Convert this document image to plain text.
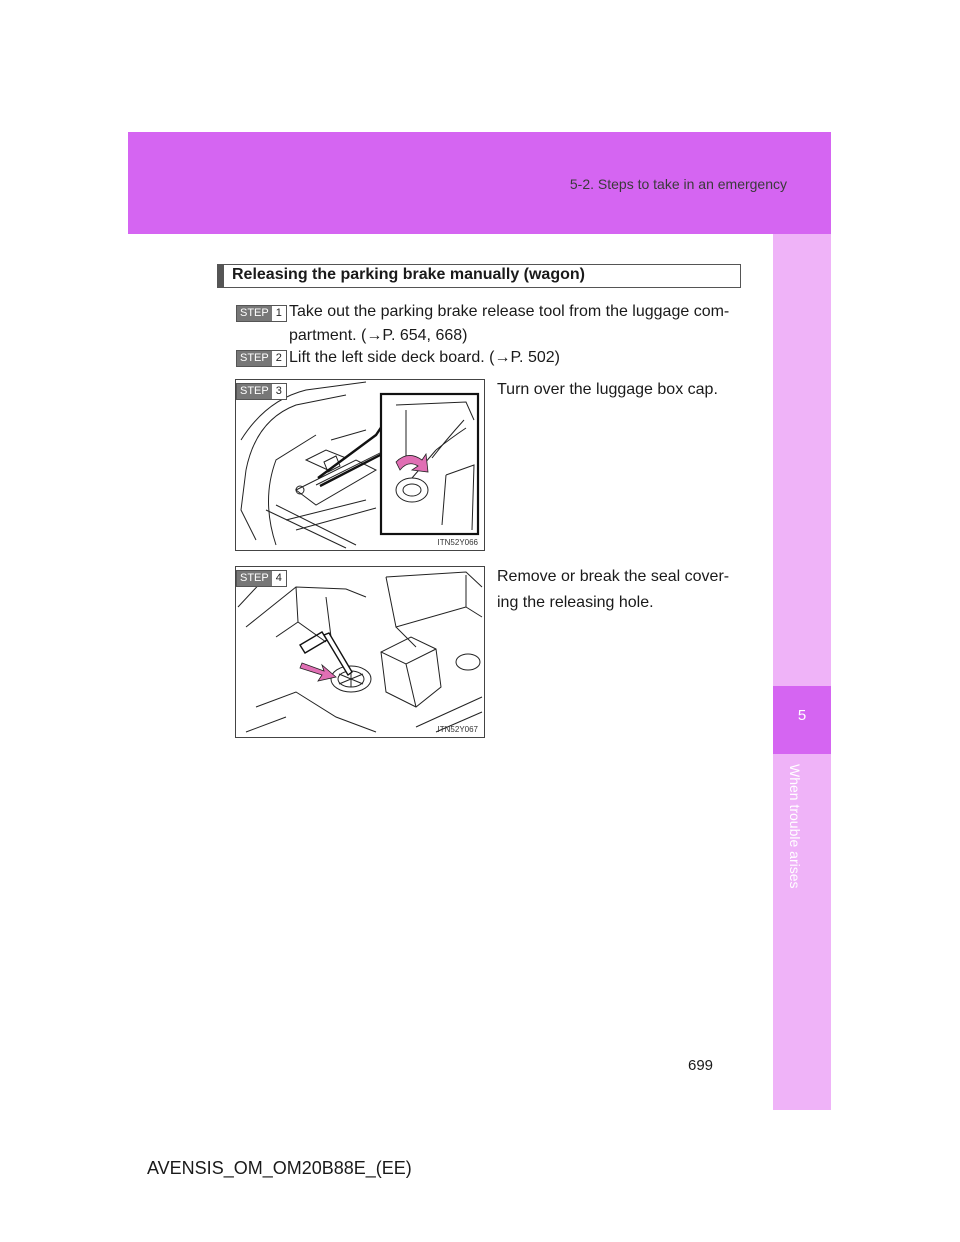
5-2. Steps to take in an emergency
5
When trouble arises
Releasing the parking brake manually (wagon)
STEP 1 Take out the parking brake release tool from the luggage com-
partment. (→P. 654, 668)
STEP 2 Lift the left side deck board. (→P. 502)
ITN52Y066
STEP 3	Turn over the luggage box cap.
ITN52Y067
STEP 4	Remove or break the seal cover-
ing the releasing hole.
699
AVENSIS_OM_OM20B88E_(EE)
